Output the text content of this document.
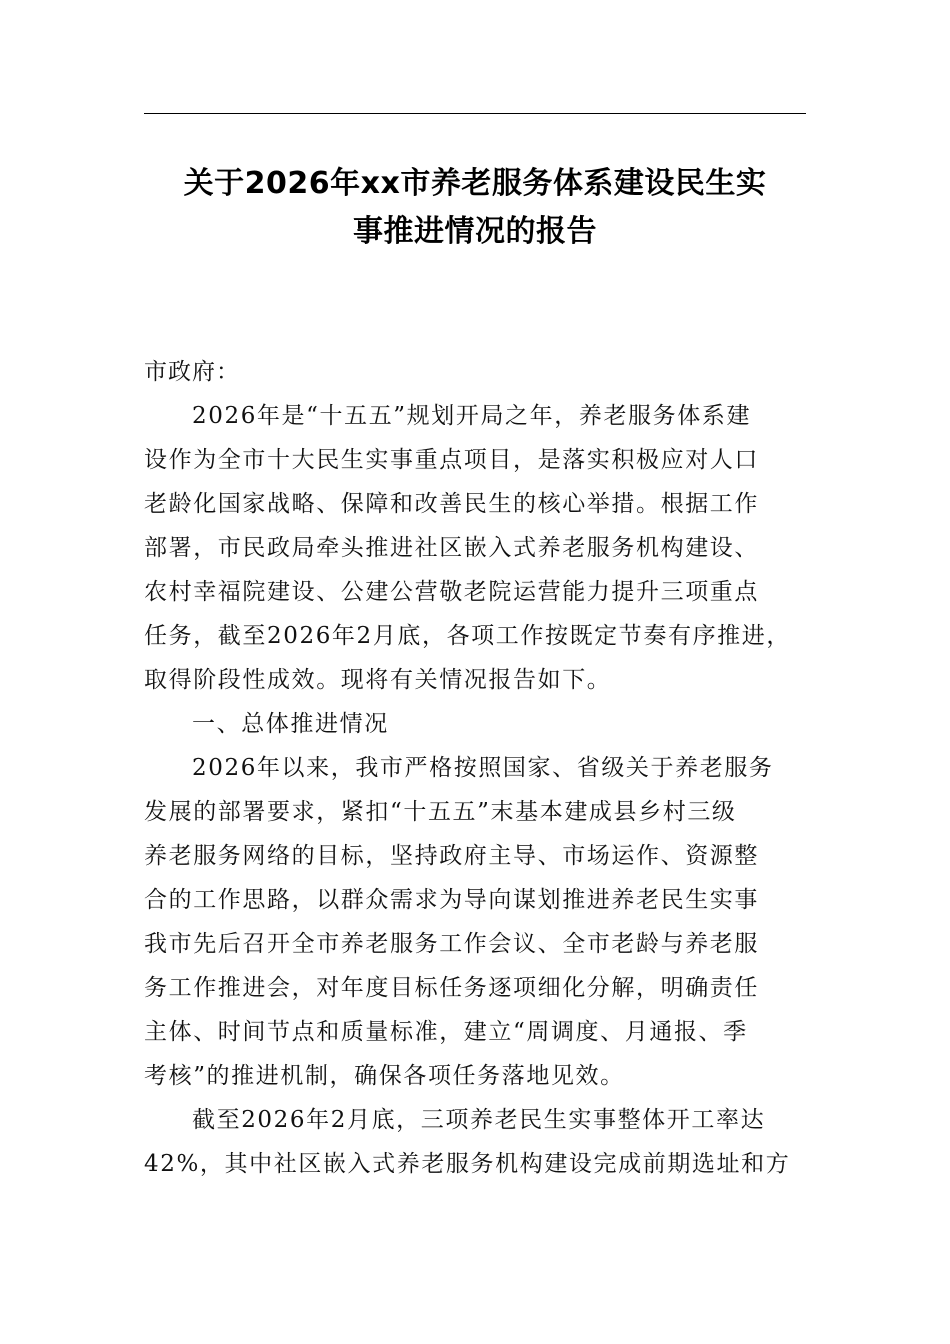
关于2026年xx市养老服务体系建设民生实
事推进情况的报告
市政府：
2026年是“十五五”规划开局之年，养老服务体系建
设作为全市十大民生实事重点项目，是落实积极应对人口
老龄化国家战略、保障和改善民生的核心举措。根据工作
部署，市民政局牵头推进社区嵌入式养老服务机构建设、
农村幸福院建设、公建公营敬老院运营能力提升三项重点
任务，截至2026年2月底，各项工作按既定节奏有序推进，
取得阶段性成效。现将有关情况报告如下。
一、总体推进情况
2026年以来，我市严格按照国家、省级关于养老服务
发展的部署要求，紧扣“十五五”末基本建成县乡村三级
养老服务网络的目标，坚持政府主导、市场运作、资源整
合的工作思路，以群众需求为导向谋划推进养老民生实事
我市先后召开全市养老服务工作会议、全市老龄与养老服
务工作推进会，对年度目标任务逐项细化分解，明确责任
主体、时间节点和质量标准，建立“周调度、月通报、季
考核”的推进机制，确保各项任务落地见效。
截至2026年2月底，三项养老民生实事整体开工率达
42%，其中社区嵌入式养老服务机构建设完成前期选址和方
